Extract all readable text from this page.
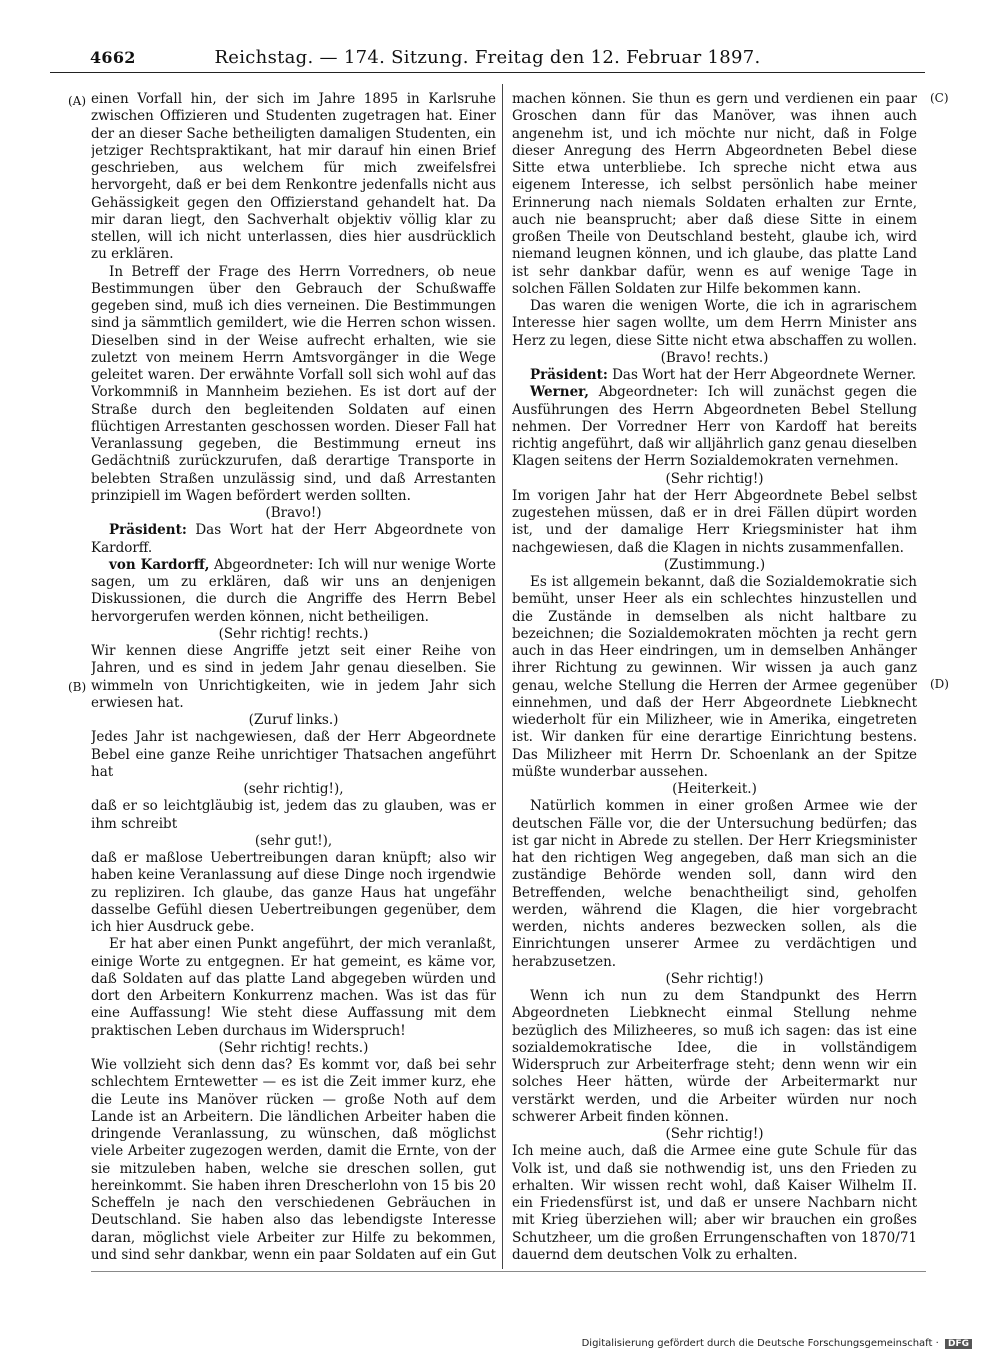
4662	Reichstag. — 174. Sitzung. Freitag den 12. Februar 1897.
(A)
(B)
(C)
(D)

einen Vorfall hin, der sich im Jahre 1895 in Karlsruhe zwischen Offizieren und Studenten zugetragen hat. Einer der an dieser Sache betheiligten damaligen Studenten, ein jetziger Rechtspraktikant, hat mir darauf hin einen Brief geschrieben, aus welchem für mich zweifelsfrei hervorgeht, daß er bei dem Renkontre jedenfalls nicht aus Gehässigkeit gegen den Offizierstand gehandelt hat. Da mir daran liegt, den Sachverhalt objektiv völlig klar zu stellen, will ich nicht unterlassen, dies hier ausdrücklich zu erklären.

In Betreff der Frage des Herrn Vorredners, ob neue Bestimmungen über den Gebrauch der Schußwaffe gegeben sind, muß ich dies verneinen. Die Bestimmungen sind ja sämmtlich gemildert, wie die Herren schon wissen. Dieselben sind in der Weise aufrecht erhalten, wie sie zuletzt von meinem Herrn Amtsvorgänger in die Wege geleitet waren. Der erwähnte Vorfall soll sich wohl auf das Vorkommniß in Mannheim beziehen. Es ist dort auf der Straße durch den begleitenden Soldaten auf einen flüchtigen Arrestanten geschossen worden. Dieser Fall hat Veranlassung gegeben, die Bestimmung erneut ins Gedächtniß zurückzurufen, daß derartige Transporte in belebten Straßen unzulässig sind, und daß Arrestanten prinzipiell im Wagen befördert werden sollten.

(Bravo!)

Präsident: Das Wort hat der Herr Abgeordnete von Kardorff.

von Kardorff, Abgeordneter: Ich will nur wenige Worte sagen, um zu erklären, daß wir uns an denjenigen Diskussionen, die durch die Angriffe des Herrn Bebel hervorgerufen werden können, nicht betheiligen.

(Sehr richtig! rechts.)

Wir kennen diese Angriffe jetzt seit einer Reihe von Jahren, und es sind in jedem Jahr genau dieselben. Sie wimmeln von Unrichtigkeiten, wie in jedem Jahr sich erwiesen hat.

(Zuruf links.)

Jedes Jahr ist nachgewiesen, daß der Herr Abgeordnete Bebel eine ganze Reihe unrichtiger Thatsachen angeführt hat

(sehr richtig!),

daß er so leichtgläubig ist, jedem das zu glauben, was er ihm schreibt

(sehr gut!),

daß er maßlose Uebertreibungen daran knüpft; also wir haben keine Veranlassung auf diese Dinge noch irgendwie zu repliziren. Ich glaube, das ganze Haus hat ungefähr dasselbe Gefühl diesen Uebertreibungen gegenüber, dem ich hier Ausdruck gebe.

Er hat aber einen Punkt angeführt, der mich veranlaßt, einige Worte zu entgegnen. Er hat gemeint, es käme vor, daß Soldaten auf das platte Land abgegeben würden und dort den Arbeitern Konkurrenz machen. Was ist das für eine Auffassung! Wie steht diese Auffassung mit dem praktischen Leben durchaus im Widerspruch!

(Sehr richtig! rechts.)

Wie vollzieht sich denn das? Es kommt vor, daß bei sehr schlechtem Erntewetter — es ist die Zeit immer kurz, ehe die Leute ins Manöver rücken — große Noth auf dem Lande ist an Arbeitern. Die ländlichen Arbeiter haben die dringende Veranlassung, zu wünschen, daß möglichst viele Arbeiter zugezogen werden, damit die Ernte, von der sie mitzuleben haben, welche sie dreschen sollen, gut hereinkommt. Sie haben ihren Drescherlohn von 15 bis 20 Scheffeln je nach den verschiedenen Gebräuchen in Deutschland. Sie haben also das lebendigste Interesse daran, möglichst viele Arbeiter zur Hilfe zu bekommen, und sind sehr dankbar, wenn ein paar Soldaten auf ein Gut

machen können. Sie thun es gern und verdienen ein paar Groschen dann für das Manöver, was ihnen auch angenehm ist, und ich möchte nur nicht, daß in Folge dieser Anregung des Herrn Abgeordneten Bebel diese Sitte etwa unterbliebe. Ich spreche nicht etwa aus eigenem Interesse, ich selbst persönlich habe meiner Erinnerung nach niemals Soldaten erhalten zur Ernte, auch nie beansprucht; aber daß diese Sitte in einem großen Theile von Deutschland besteht, glaube ich, wird niemand leugnen können, und ich glaube, das platte Land ist sehr dankbar dafür, wenn es auf wenige Tage in solchen Fällen Soldaten zur Hilfe bekommen kann.

Das waren die wenigen Worte, die ich in agrarischem Interesse hier sagen wollte, um dem Herrn Minister ans Herz zu legen, diese Sitte nicht etwa abschaffen zu wollen.

(Bravo! rechts.)

Präsident: Das Wort hat der Herr Abgeordnete Werner.

Werner, Abgeordneter: Ich will zunächst gegen die Ausführungen des Herrn Abgeordneten Bebel Stellung nehmen. Der Vorredner Herr von Kardoff hat bereits richtig angeführt, daß wir alljährlich ganz genau dieselben Klagen seitens der Herrn Sozialdemokraten vernehmen.

(Sehr richtig!)

Im vorigen Jahr hat der Herr Abgeordnete Bebel selbst zugestehen müssen, daß er in drei Fällen düpirt worden ist, und der damalige Herr Kriegsminister hat ihm nachgewiesen, daß die Klagen in nichts zusammenfallen.

(Zustimmung.)

Es ist allgemein bekannt, daß die Sozialdemokratie sich bemüht, unser Heer als ein schlechtes hinzustellen und die Zustände in demselben als nicht haltbare zu bezeichnen; die Sozialdemokraten möchten ja recht gern auch in das Heer eindringen, um in demselben Anhänger ihrer Richtung zu gewinnen. Wir wissen ja auch ganz genau, welche Stellung die Herren der Armee gegenüber einnehmen, und daß der Herr Abgeordnete Liebknecht wiederholt für ein Milizheer, wie in Amerika, eingetreten ist. Wir danken für eine derartige Einrichtung bestens. Das Milizheer mit Herrn Dr. Schoenlank an der Spitze müßte wunderbar aussehen.

(Heiterkeit.)

Natürlich kommen in einer großen Armee wie der deutschen Fälle vor, die der Untersuchung bedürfen; das ist gar nicht in Abrede zu stellen. Der Herr Kriegsminister hat den richtigen Weg angegeben, daß man sich an die zuständige Behörde wenden soll, dann wird den Betreffenden, welche benachtheiligt sind, geholfen werden, während die Klagen, die hier vorgebracht werden, nichts anderes bezwecken sollen, als die Einrichtungen unserer Armee zu verdächtigen und herabzusetzen.

(Sehr richtig!)

Wenn ich nun zu dem Standpunkt des Herrn Abgeordneten Liebknecht einmal Stellung nehme bezüglich des Milizheeres, so muß ich sagen: das ist eine sozialdemokratische Idee, die in vollständigem Widerspruch zur Arbeiterfrage steht; denn wenn wir ein solches Heer hätten, würde der Arbeitermarkt nur verstärkt werden, und die Arbeiter würden nur noch schwerer Arbeit finden können.

(Sehr richtig!)

Ich meine auch, daß die Armee eine gute Schule für das Volk ist, und daß sie nothwendig ist, uns den Frieden zu erhalten. Wir wissen recht wohl, daß Kaiser Wilhelm II. ein Friedensfürst ist, und daß er unsere Nachbarn nicht mit Krieg überziehen will; aber wir brauchen ein großes Schutzheer, um die großen Errungenschaften von 1870/71 dauernd dem deutschen Volk zu erhalten.

Digitalisierung gefördert durch die Deutsche Forschungsgemeinschaft · DFG
